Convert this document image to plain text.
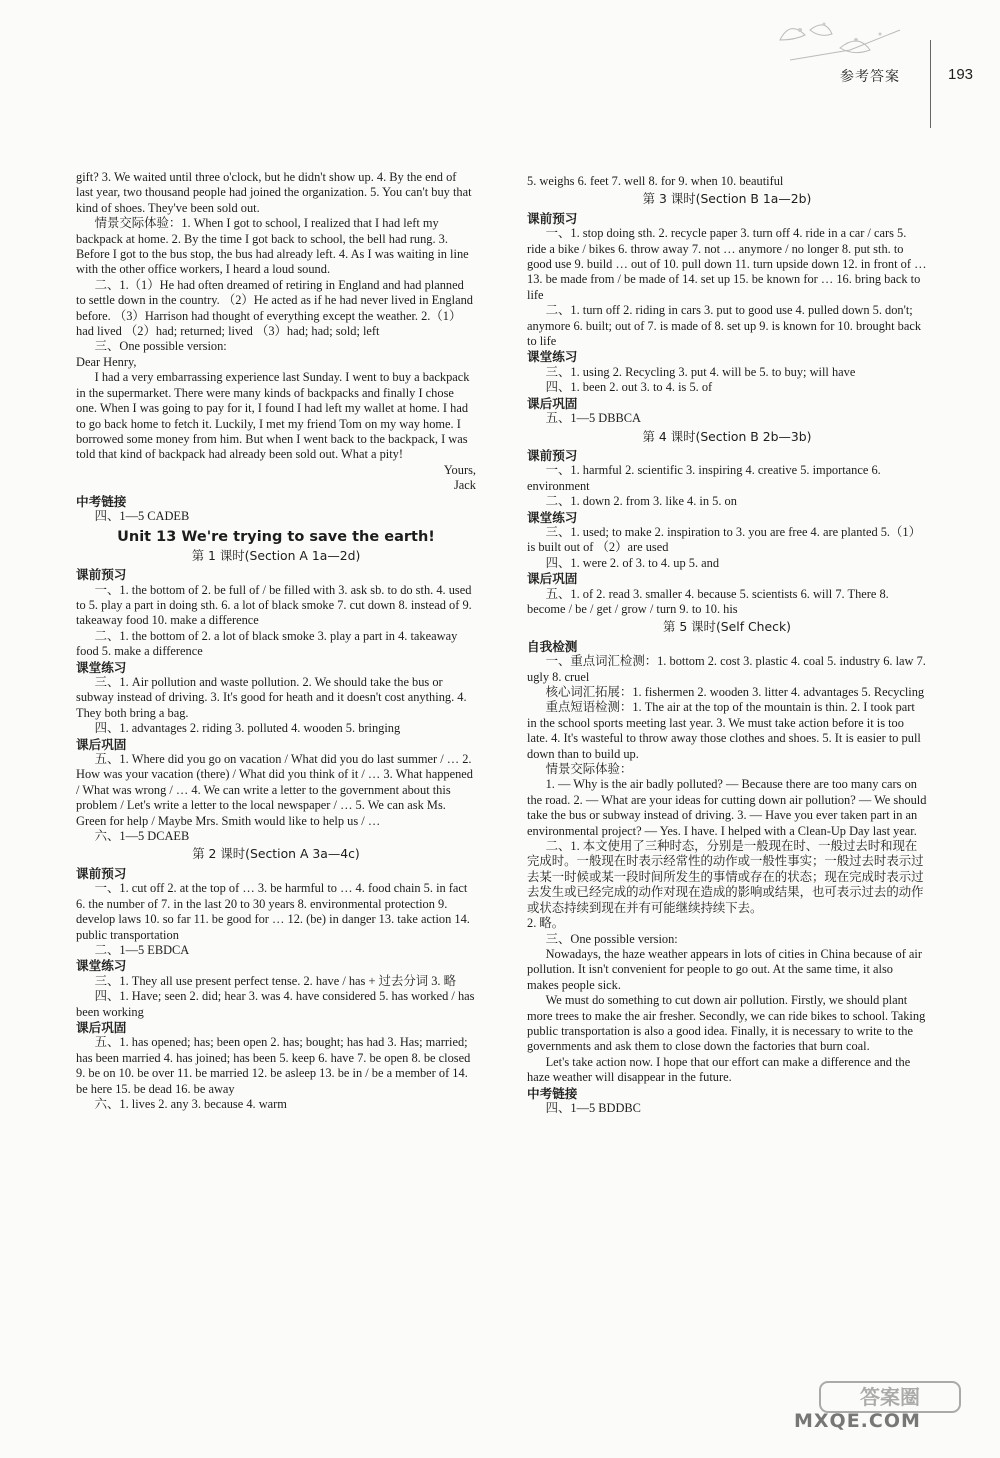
参考答案	193
gift? 3. We waited until three o'clock, but he didn't show up. 4. By the end of last year, two thousand people had joined the organization. 5. You can't buy that kind of shoes. They've been sold out.
情景交际体验：1. When I got to school, I realized that I had left my backpack at home. 2. By the time I got back to school, the bell had rung. 3. Before I got to the bus stop, the bus had already left. 4. As I was waiting in line with the other office workers, I heard a loud sound.
二、1.（1）He had often dreamed of retiring in England and had planned to settle down in the country. （2）He acted as if he had never lived in England before. （3）Harrison had thought of everything except the weather. 2.（1）had lived （2）had; returned; lived （3）had; had; sold; left
三、One possible version:
Dear Henry,
I had a very embarrassing experience last Sunday. I went to buy a backpack in the supermarket. There were many kinds of backpacks and finally I chose one. When I was going to pay for it, I found I had left my wallet at home. I had to go back home to fetch it. Luckily, I met my friend Tom on my way home. I borrowed some money from him. But when I went back to the backpack, I was told that kind of backpack had already been sold out. What a pity!
Yours,
Jack
中考链接
四、1—5 CADEB
Unit 13 We're trying to save the earth!
第 1 课时(Section A 1a—2d)
课前预习
一、1. the bottom of 2. be full of / be filled with 3. ask sb. to do sth. 4. used to 5. play a part in doing sth. 6. a lot of black smoke 7. cut down 8. instead of 9. takeaway food 10. make a difference
二、1. the bottom of 2. a lot of black smoke 3. play a part in 4. takeaway food 5. make a difference
课堂练习
三、1. Air pollution and waste pollution. 2. We should take the bus or subway instead of driving. 3. It's good for heath and it doesn't cost anything. 4. They both bring a bag.
四、1. advantages 2. riding 3. polluted 4. wooden 5. bringing
课后巩固
五、1. Where did you go on vacation / What did you do last summer / … 2. How was your vacation (there) / What did you think of it / … 3. What happened / What was wrong / … 4. We can write a letter to the government about this problem / Let's write a letter to the local newspaper / … 5. We can ask Ms. Green for help / Maybe Mrs. Smith would like to help us / …
六、1—5 DCAEB
第 2 课时(Section A 3a—4c)
课前预习
一、1. cut off 2. at the top of … 3. be harmful to … 4. food chain 5. in fact 6. the number of 7. in the last 20 to 30 years 8. environmental protection 9. develop laws 10. so far 11. be good for … 12. (be) in danger 13. take action 14. public transportation
二、1—5 EBDCA
课堂练习
三、1. They all use present perfect tense. 2. have / has + 过去分词 3. 略
四、1. Have; seen 2. did; hear 3. was 4. have considered 5. has worked / has been working
课后巩固
五、1. has opened; has; been open 2. has; bought; has had 3. Has; married; has been married 4. has joined; has been 5. keep 6. have 7. be open 8. be closed 9. be on 10. be over 11. be married 12. be asleep 13. be in / be a member of 14. be here 15. be dead 16. be away
六、1. lives 2. any 3. because 4. warm
5. weighs 6. feet 7. well 8. for 9. when 10. beautiful
第 3 课时(Section B 1a—2b)
课前预习
一、1. stop doing sth. 2. recycle paper 3. turn off 4. ride in a car / cars 5. ride a bike / bikes 6. throw away 7. not … anymore / no longer 8. put sth. to good use 9. build … out of 10. pull down 11. turn upside down 12. in front of … 13. be made from / be made of 14. set up 15. be known for … 16. bring back to life
二、1. turn off 2. riding in cars 3. put to good use 4. pulled down 5. don't; anymore 6. built; out of 7. is made of 8. set up 9. is known for 10. brought back to life
课堂练习
三、1. using 2. Recycling 3. put 4. will be 5. to buy; will have
四、1. been 2. out 3. to 4. is 5. of
课后巩固
五、1—5 DBBCA
第 4 课时(Section B 2b—3b)
课前预习
一、1. harmful 2. scientific 3. inspiring 4. creative 5. importance 6. environment
二、1. down 2. from 3. like 4. in 5. on
课堂练习
三、1. used; to make 2. inspiration to 3. you are free 4. are planted 5.（1）is built out of （2）are used
四、1. were 2. of 3. to 4. up 5. and
课后巩固
五、1. of 2. read 3. smaller 4. because 5. scientists 6. will 7. There 8. become / be / get / grow / turn 9. to 10. his
第 5 课时(Self Check)
自我检测
一、重点词汇检测：1. bottom 2. cost 3. plastic 4. coal 5. industry 6. law 7. ugly 8. cruel
核心词汇拓展：1. fishermen 2. wooden 3. litter 4. advantages 5. Recycling
重点短语检测：1. The air at the top of the mountain is thin. 2. I took part in the school sports meeting last year. 3. We must take action before it is too late. 4. It's wasteful to throw away those clothes and shoes. 5. It is easier to pull down than to build up.
情景交际体验：
1. — Why is the air badly polluted? — Because there are too many cars on the road. 2. — What are your ideas for cutting down air pollution? — We should take the bus or subway instead of driving. 3. — Have you ever taken part in an environmental project? — Yes. I have. I helped with a Clean-Up Day last year.
二、1. 本文使用了三种时态，分别是一般现在时、一般过去时和现在完成时。一般现在时表示经常性的动作或一般性事实；一般过去时表示过去某一时候或某一段时间所发生的事情或存在的状态；现在完成时表示过去发生或已经完成的动作对现在造成的影响或结果，也可表示过去的动作或状态持续到现在并有可能继续持续下去。
2. 略。
三、One possible version:
Nowadays, the haze weather appears in lots of cities in China because of air pollution. It isn't convenient for people to go out. At the same time, it also makes people sick.
We must do something to cut down air pollution. Firstly, we should plant more trees to make the air fresher. Secondly, we can ride bikes to school. Taking public transportation is also a good idea. Finally, it is necessary to write to the governments and ask them to close down the factories that burn coal.
Let's take action now. I hope that our effort can make a difference and the haze weather will disappear in the future.
中考链接
四、1—5 BDDBC
答案圈
MXQE.COM
